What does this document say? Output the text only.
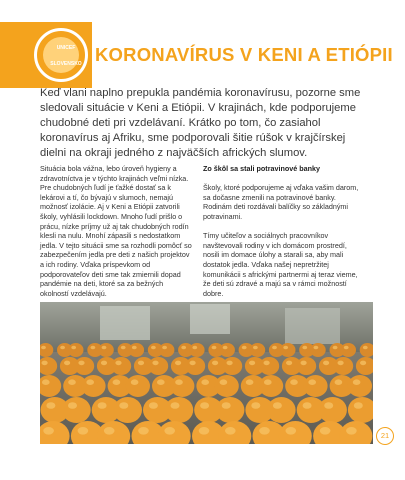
UNICEF
SLOVENSKO KORONAVÍRUS V KENI A ETIÓPII
Keď vlani naplno prepukla pandémia koronavírusu, pozorne sme sledovali situácie v Keni a Etiópii. V krajinách, kde podporujeme chudobné deti pri vzdelávaní. Krátko po tom, čo zasiahol koronavírus aj Afriku, sme podporovali šitie rúšok v krajčírskej dielni na okraji jedného z najväčších afrických slumov.

Situácia bola vážna, lebo úroveň hygieny a zdravotníctva je v týchto krajinách veľmi nízka. Pre chudobných ľudí je ťažké dostať sa k lekárovi a tí, čo bývajú v slumoch, nemajú možnosť izolácie. Aj v Keni a Etiópii zatvorili školy, vyhlásili lockdown. Mnoho ľudí prišlo o prácu, nízke príjmy už aj tak chudobných rodín klesli na nulu. Mnohí zápasili s nedostatkom jedla. V tejto situácii sme sa rozhodli pomôcť so zabezpečením jedla pre deti z našich projektov a ich rodiny. Vďaka príspevkom od podporovateľov deti sme tak zmiernili dopad pandémie na deti, ktoré sa za bežných okolností vzdelávajú.

Zo škôl sa stali potravinové banky

Školy, ktoré podporujeme aj vďaka vašim darom, sa dočasne zmenili na potravinové banky. Rodinám deti rozdávali balíčky so základnými potravinami.

Tímy učiteľov a sociálnych pracovníkov navštevovali rodiny v ich domácom prostredí, nosili im domace úlohy a starali sa, aby mali dostatok jedla. Vďaka našej nepretržitej komunikácii s africkými partnermi aj teraz vieme, že deti sú zdravé a majú sa v rámci možností dobre.

21
